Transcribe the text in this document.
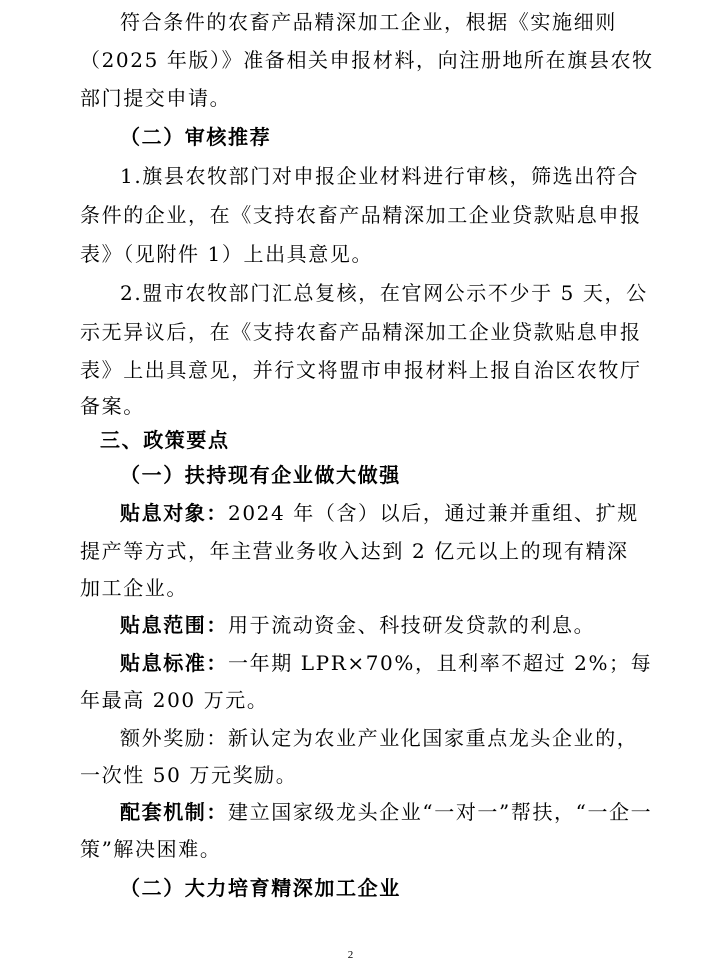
符合条件的农畜产品精深加工企业，根据《实施细则
（2025 年版）》准备相关申报材料，向注册地所在旗县农牧
部门提交申请。
（二）审核推荐
1.旗县农牧部门对申报企业材料进行审核，筛选出符合
条件的企业，在《支持农畜产品精深加工企业贷款贴息申报
表》（见附件 1）上出具意见。
2.盟市农牧部门汇总复核，在官网公示不少于 5 天，公
示无异议后，在《支持农畜产品精深加工企业贷款贴息申报
表》上出具意见，并行文将盟市申报材料上报自治区农牧厅
备案。
三、政策要点
（一）扶持现有企业做大做强
贴息对象：2024 年（含）以后，通过兼并重组、扩规
提产等方式，年主营业务收入达到 2 亿元以上的现有精深
加工企业。
贴息范围：用于流动资金、科技研发贷款的利息。
贴息标准：一年期 LPR×70%，且利率不超过 2%；每
年最高 200 万元。
额外奖励：新认定为农业产业化国家重点龙头企业的，
一次性 50 万元奖励。
配套机制：建立国家级龙头企业“一对一”帮扶，“一企一
策”解决困难。
（二）大力培育精深加工企业
2
